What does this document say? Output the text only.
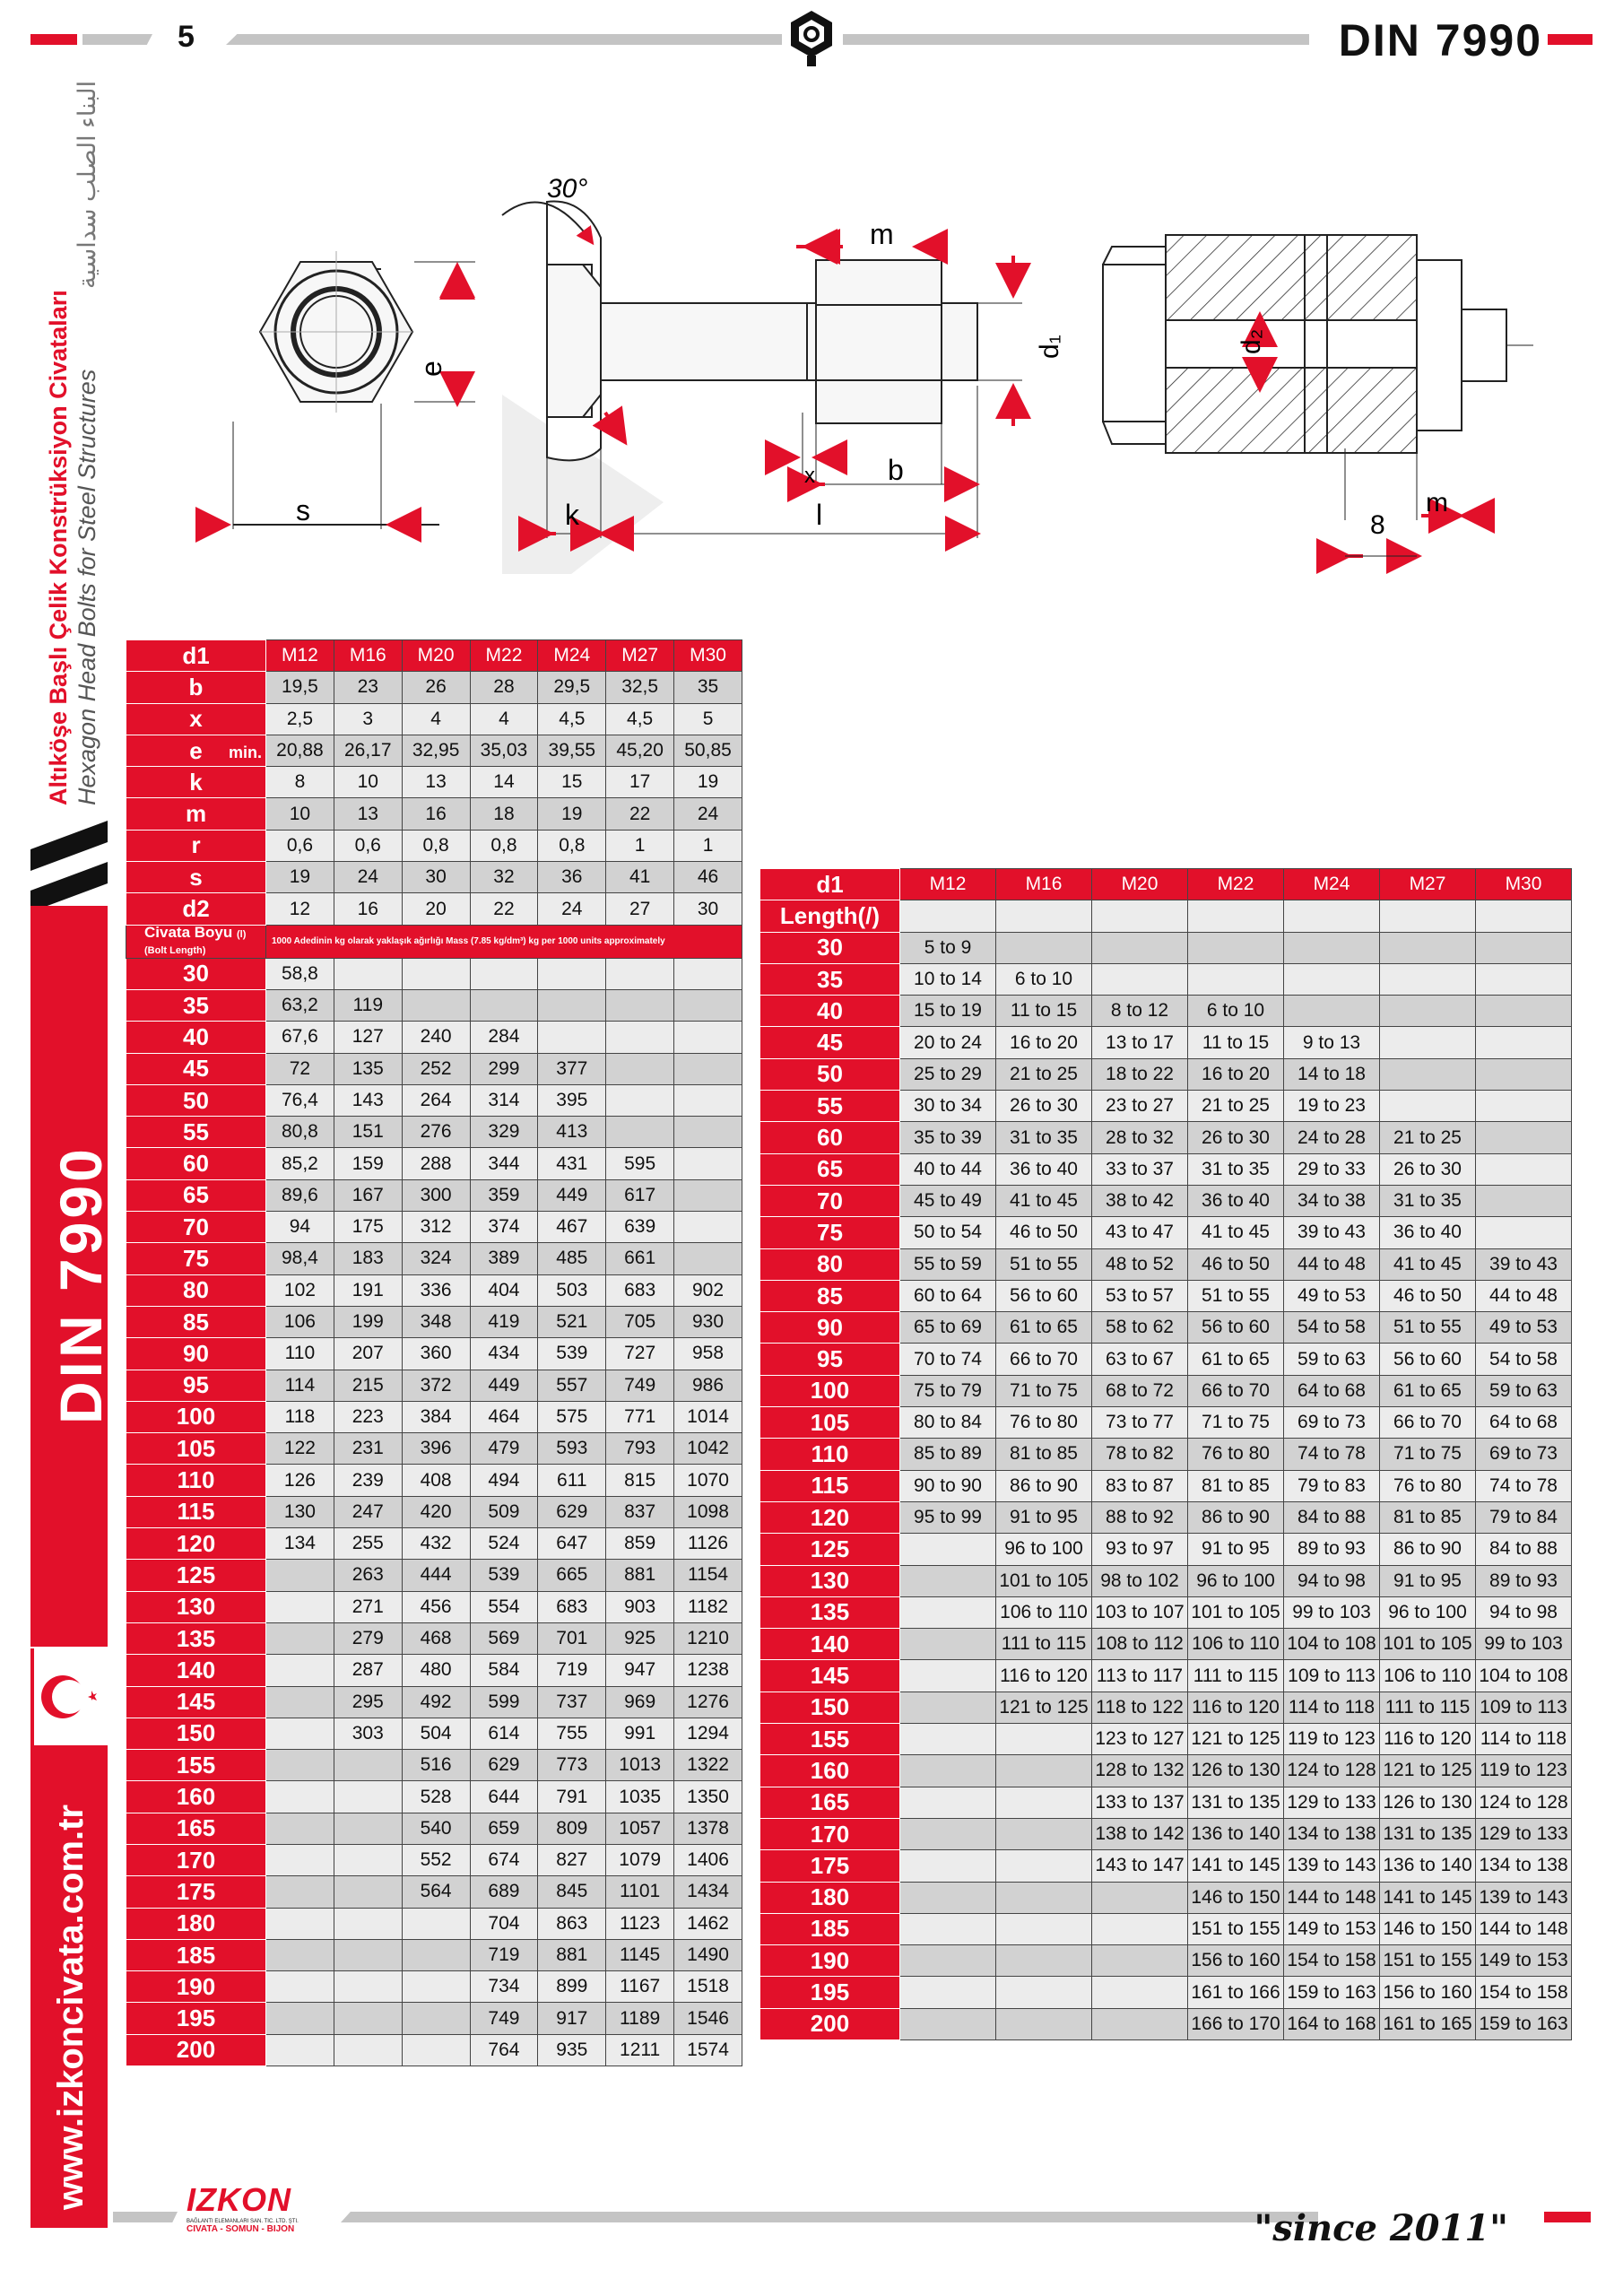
5	DIN 7990
Altıköşe Başlı Çelik Konstrüksiyon Civataları Hexagon Head Bolts for Steel Structures
البناء الصلب سداسية
DIN 7990
www.izkoncivata.com.tr
e
s
30°
m
d₁
x	b
k	l
d₂
m
8
d1	M12	M16	M20	M22	M24	M27	M30
b	19,5	23	26	28	29,5	32,5	35
x	2,5	3	4	4	4,5	4,5	5
e min.	20,88	26,17	32,95	35,03	39,55	45,20	50,85
k	8	10	13	14	15	17	19
m	10	13	16	18	19	22	24
r	0,6	0,6	0,8	0,8	0,8	1	1
s	19	24	30	32	36	41	46
d2	12	16	20	22	24	27	30
Civata Boyu (l)
(Bolt Length)	1000 Adedinin kg olarak yaklaşık ağırlığı Mass (7.85 kg/dm³) kg per 1000 units approximately						
30	58,8						
35	63,2	119					
40	67,6	127	240	284			
45	72	135	252	299	377		
50	76,4	143	264	314	395		
55	80,8	151	276	329	413		
60	85,2	159	288	344	431	595	
65	89,6	167	300	359	449	617	
70	94	175	312	374	467	639	
75	98,4	183	324	389	485	661	
80	102	191	336	404	503	683	902
85	106	199	348	419	521	705	930
90	110	207	360	434	539	727	958
95	114	215	372	449	557	749	986
100	118	223	384	464	575	771	1014
105	122	231	396	479	593	793	1042
110	126	239	408	494	611	815	1070
115	130	247	420	509	629	837	1098
120	134	255	432	524	647	859	1126
125		263	444	539	665	881	1154
130		271	456	554	683	903	1182
135		279	468	569	701	925	1210
140		287	480	584	719	947	1238
145		295	492	599	737	969	1276
150		303	504	614	755	991	1294
155			516	629	773	1013	1322
160			528	644	791	1035	1350
165			540	659	809	1057	1378
170			552	674	827	1079	1406
175			564	689	845	1101	1434
180				704	863	1123	1462
185				719	881	1145	1490
190				734	899	1167	1518
195				749	917	1189	1546
200				764	935	1211	1574
d1	M12	M16	M20	M22	M24	M27	M30
Length(/)							
30	5 to 9						
35	10 to 14	6 to 10					
40	15 to 19	11 to 15	8 to 12	6 to 10			
45	20 to 24	16 to 20	13 to 17	11 to 15	9 to 13		
50	25 to 29	21 to 25	18 to 22	16 to 20	14 to 18		
55	30 to 34	26 to 30	23 to 27	21 to 25	19 to 23		
60	35 to 39	31 to 35	28 to 32	26 to 30	24 to 28	21 to 25	
65	40 to 44	36 to 40	33 to 37	31 to 35	29 to 33	26 to 30	
70	45 to 49	41 to 45	38 to 42	36 to 40	34 to 38	31 to 35	
75	50 to 54	46 to 50	43 to 47	41 to 45	39 to 43	36 to 40	
80	55 to 59	51 to 55	48 to 52	46 to 50	44 to 48	41 to 45	39 to 43
85	60 to 64	56 to 60	53 to 57	51 to 55	49 to 53	46 to 50	44 to 48
90	65 to 69	61 to 65	58 to 62	56 to 60	54 to 58	51 to 55	49 to 53
95	70 to 74	66 to 70	63 to 67	61 to 65	59 to 63	56 to 60	54 to 58
100	75 to 79	71 to 75	68 to 72	66 to 70	64 to 68	61 to 65	59 to 63
105	80 to 84	76 to 80	73 to 77	71 to 75	69 to 73	66 to 70	64 to 68
110	85 to 89	81 to 85	78 to 82	76 to 80	74 to 78	71 to 75	69 to 73
115	90 to 90	86 to 90	83 to 87	81 to 85	79 to 83	76 to 80	74 to 78
120	95 to 99	91 to 95	88 to 92	86 to 90	84 to 88	81 to 85	79 to 84
125		96 to 100	93 to 97	91 to 95	89 to 93	86 to 90	84 to 88
130		101 to 105	98 to 102	96 to 100	94 to 98	91 to 95	89 to 93
135		106 to 110	103 to 107	101 to 105	99 to 103	96 to 100	94 to 98
140		111 to 115	108 to 112	106 to 110	104 to 108	101 to 105	99 to 103
145		116 to 120	113 to 117	111 to 115	109 to 113	106 to 110	104 to 108
150		121 to 125	118 to 122	116 to 120	114 to 118	111 to 115	109 to 113
155			123 to 127	121 to 125	119 to 123	116 to 120	114 to 118
160			128 to 132	126 to 130	124 to 128	121 to 125	119 to 123
165			133 to 137	131 to 135	129 to 133	126 to 130	124 to 128
170			138 to 142	136 to 140	134 to 138	131 to 135	129 to 133
175			143 to 147	141 to 145	139 to 143	136 to 140	134 to 138
180				146 to 150	144 to 148	141 to 145	139 to 143
185				151 to 155	149 to 153	146 to 150	144 to 148
190				156 to 160	154 to 158	151 to 155	149 to 153
195				161 to 166	159 to 163	156 to 160	154 to 158
200				166 to 170	164 to 168	161 to 165	159 to 163
IZKON
BAĞLANTI ELEMANLARI SAN. TIC. LTD. ŞTI.
CIVATA - SOMUN - BIJON	"since 2011"
